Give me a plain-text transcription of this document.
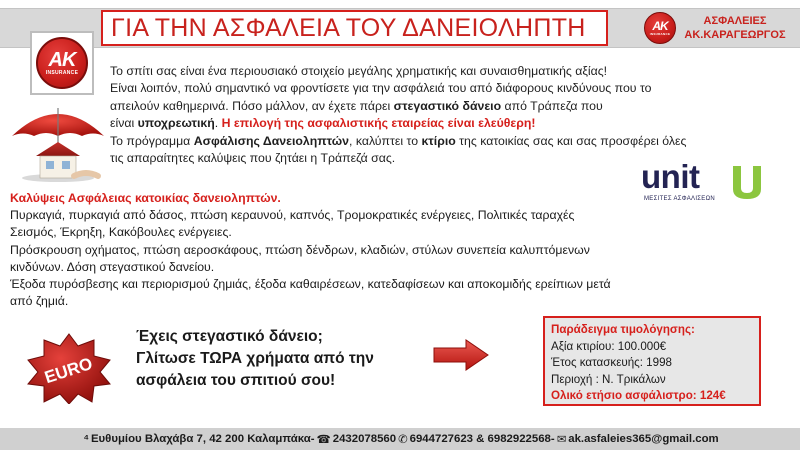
AK
INSURANCE
ΓΙΑ ΤΗΝ ΑΣΦΑΛΕΙΑ ΤΟΥ ΔΑΝΕΙΟΛΗΠΤΗ	AK
INSURANCE
ΑΣΦΑΛΕΙΕΣ
ΑΚ.ΚΑΡΑΓΕΩΡΓΟΣ

Το σπίτι σας είναι ένα περιουσιακό στοιχείο μεγάλης χρηματικής και συναισθηματικής αξίας!

Είναι λοιπόν, πολύ σημαντικό να φροντίσετε για την ασφάλειά του από διάφορους κινδύνους που το

απειλούν καθημερινά. Πόσο μάλλον, αν έχετε πάρει στεγαστικό δάνειο από Τράπεζα που

είναι υποχρεωτική. Η επιλογή της ασφαλιστικής εταιρείας είναι ελεύθερη!

Το πρόγραμμα Ασφάλισης Δανειοληπτών, καλύπτει το κτίριο της κατοικίας σας και σας προσφέρει όλες

τις απαραίτητες καλύψεις που ζητάει η Τράπεζά σας.	unit
ΜΕΣΙΤΕΣ ΑΣΦΑΛΙΣΕΩΝ

Καλύψεις Ασφάλειας κατοικίας δανειοληπτών.

Πυρκαγιά, πυρκαγιά από δάσος, πτώση κεραυνού, καπνός, Τρομοκρατικές ενέργειες, Πολιτικές ταραχές

Σεισμός, Έκρηξη, Κακόβουλες ενέργειες.

Πρόσκρουση οχήματος, πτώση αεροσκάφους, πτώση δένδρων, κλαδιών, στύλων συνεπεία καλυπτόμενων

κινδύνων. Δόση στεγαστικού δανείου.

Έξοδα πυρόσβεσης και περιορισμού ζημιάς, έξοδα καθαιρέσεων, κατεδαφίσεων και αποκομιδής ερείπιων μετά

από ζημιά.

EURO

Έχεις στεγαστικό δάνειο;

Γλίτωσε ΤΩΡΑ χρήματα από την

ασφάλεια του σπιτιού σου!

Παράδειγμα τιμολόγησης:
Αξία κτιρίου: 100.000€
Έτος κατασκευής: 1998
Περιοχή : Ν. Τρικάλων
Ολικό ετήσιο ασφάλιστρο: 124€
⁴ Ευθυμίου Βλαχάβα 7, 42 200 Καλαμπάκα - ☎ 2432078560 ✆ 6944727623 & 6982922568 - ✉ ak.asfaleies365@gmail.com
